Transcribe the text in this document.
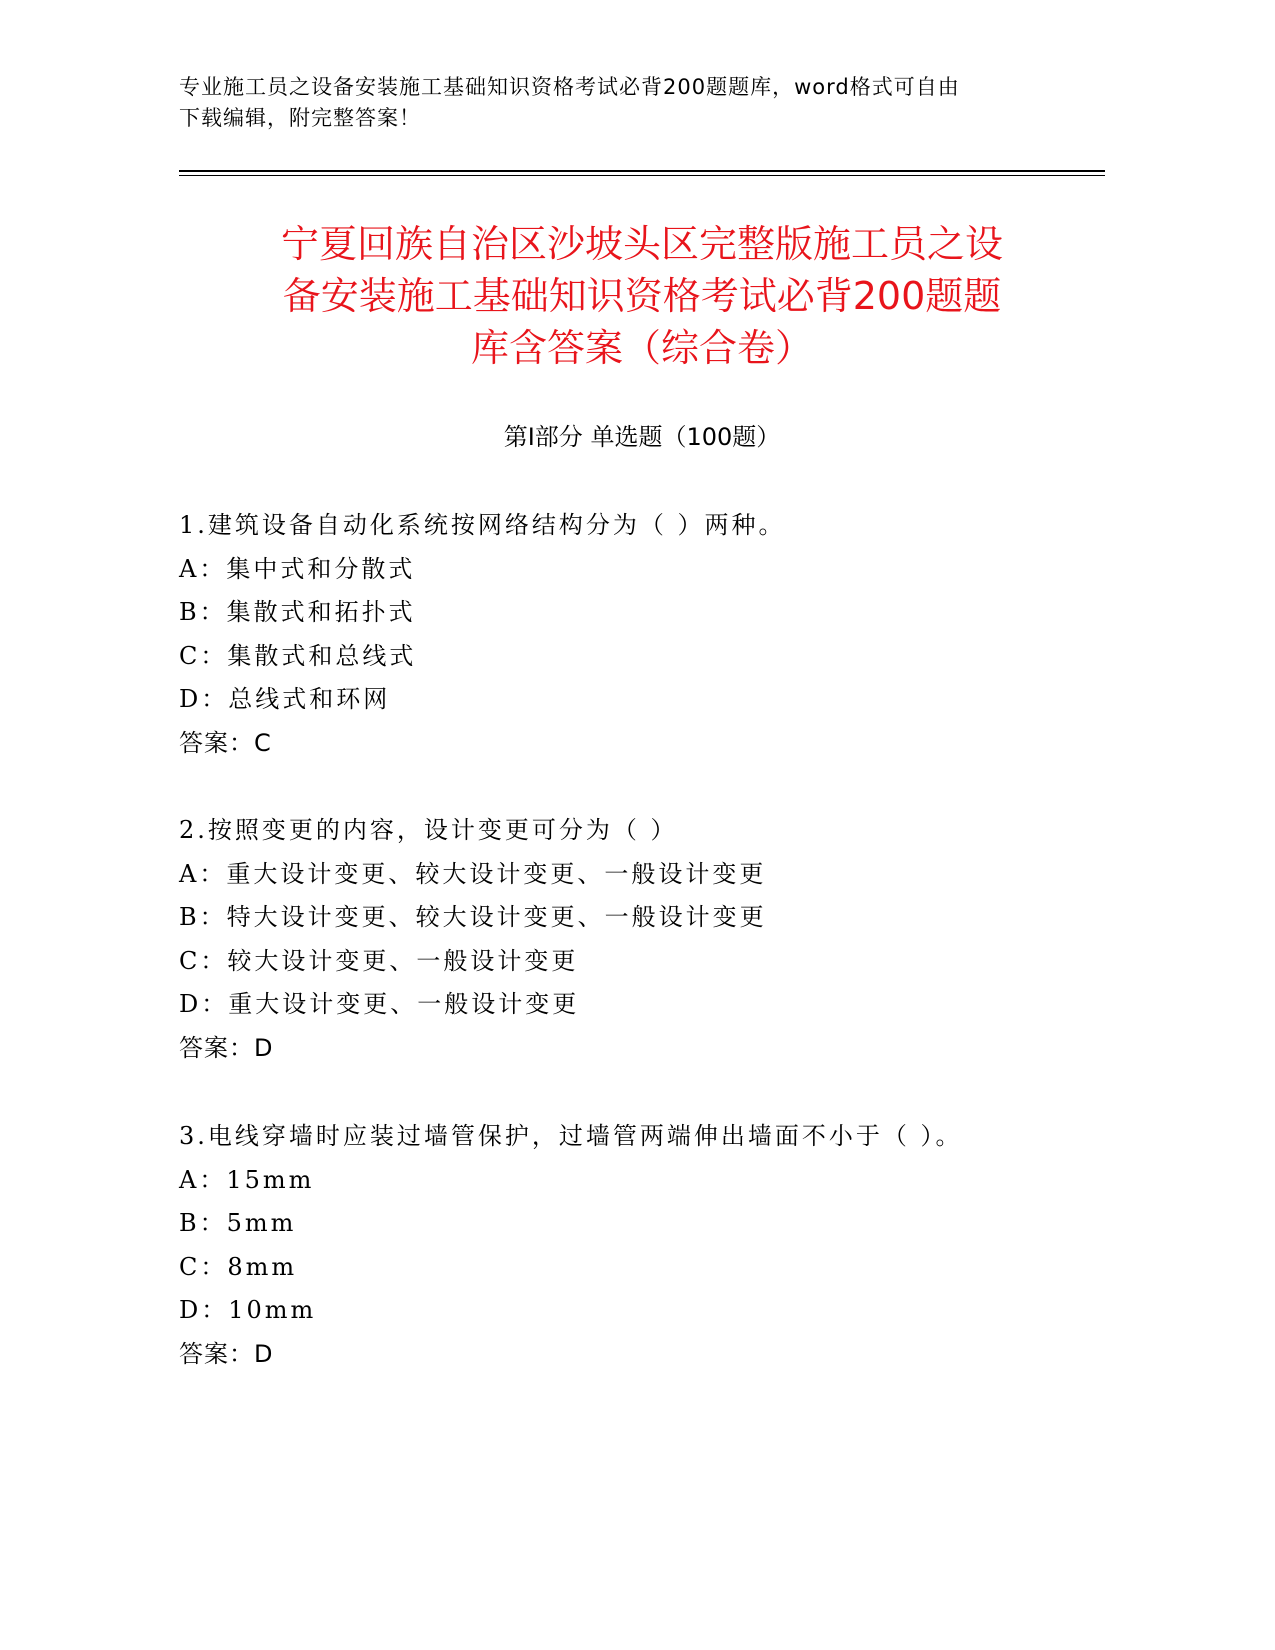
专业施工员之设备安装施工基础知识资格考试必背200题题库，word格式可自由
下载编辑，附完整答案！
宁夏回族自治区沙坡头区完整版施工员之设
备安装施工基础知识资格考试必背200题题
库含答案（综合卷）
第Ⅰ部分 单选题（100题）
1.建筑设备自动化系统按网络结构分为（ ）两种。
A：集中式和分散式
B：集散式和拓扑式
C：集散式和总线式
D：总线式和环网
答案：C
2.按照变更的内容，设计变更可分为（ ）
A：重大设计变更、较大设计变更、一般设计变更
B：特大设计变更、较大设计变更、一般设计变更
C：较大设计变更、一般设计变更
D：重大设计变更、一般设计变更
答案：D
3.电线穿墙时应装过墙管保护，过墙管两端伸出墙面不小于（ ）。
A：15mm
B：5mm
C：8mm
D：10mm
答案：D
